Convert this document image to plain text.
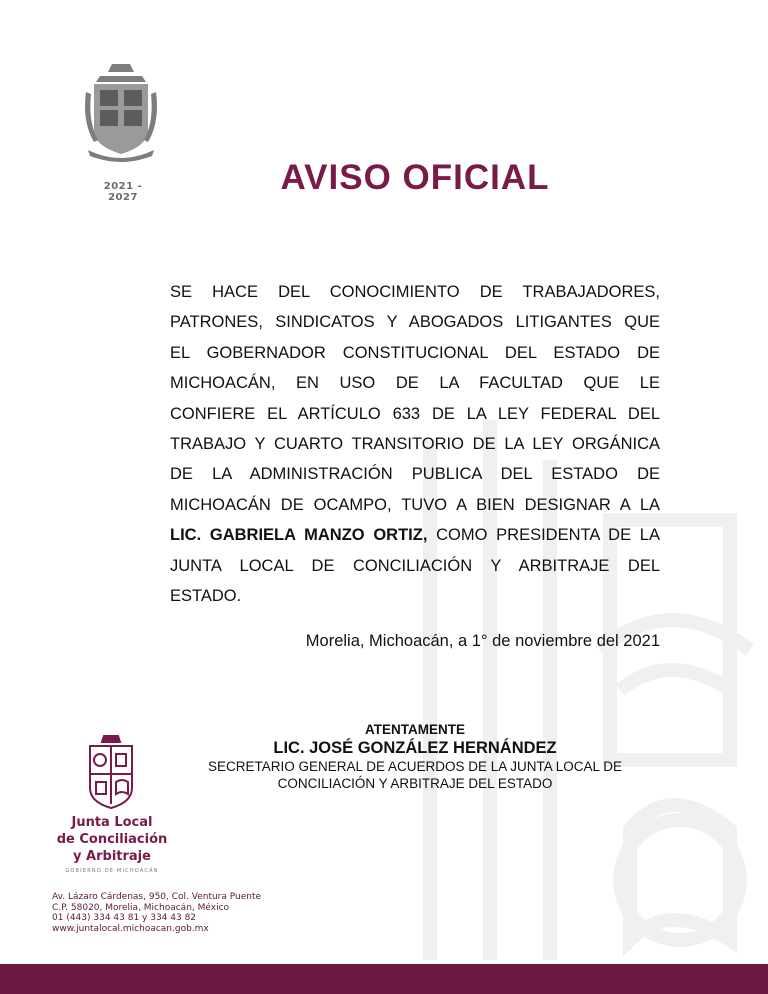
2021 - 2027
AVISO OFICIAL
SE HACE DEL CONOCIMIENTO DE TRABAJADORES,
PATRONES, SINDICATOS Y ABOGADOS LITIGANTES QUE
EL GOBERNADOR CONSTITUCIONAL DEL ESTADO DE
MICHOACÁN, EN USO DE LA FACULTAD QUE LE
CONFIERE EL ARTÍCULO 633 DE LA LEY FEDERAL DEL
TRABAJO Y CUARTO TRANSITORIO DE LA LEY ORGÁNICA
DE LA ADMINISTRACIÓN PUBLICA DEL ESTADO DE
MICHOACÁN DE OCAMPO, TUVO A BIEN DESIGNAR A LA
LIC. GABRIELA MANZO ORTIZ, COMO PRESIDENTA DE LA
JUNTA LOCAL DE CONCILIACIÓN Y ARBITRAJE DEL
ESTADO.
Morelia, Michoacán, a 1° de noviembre del 2021
ATENTAMENTE
LIC. JOSÉ GONZÁLEZ HERNÁNDEZ
SECRETARIO GENERAL DE ACUERDOS DE LA JUNTA LOCAL DE
CONCILIACIÓN Y ARBITRAJE DEL ESTADO
Junta Local
de Conciliación
y Arbitraje
GOBIERNO DE MICHOACÁN
Av. Lázaro Cárdenas, 950, Col. Ventura Puente
C.P. 58020, Morelia, Michoacán, México
01 (443) 334 43 81 y 334 43 82
www.juntalocal.michoacan.gob.mx
